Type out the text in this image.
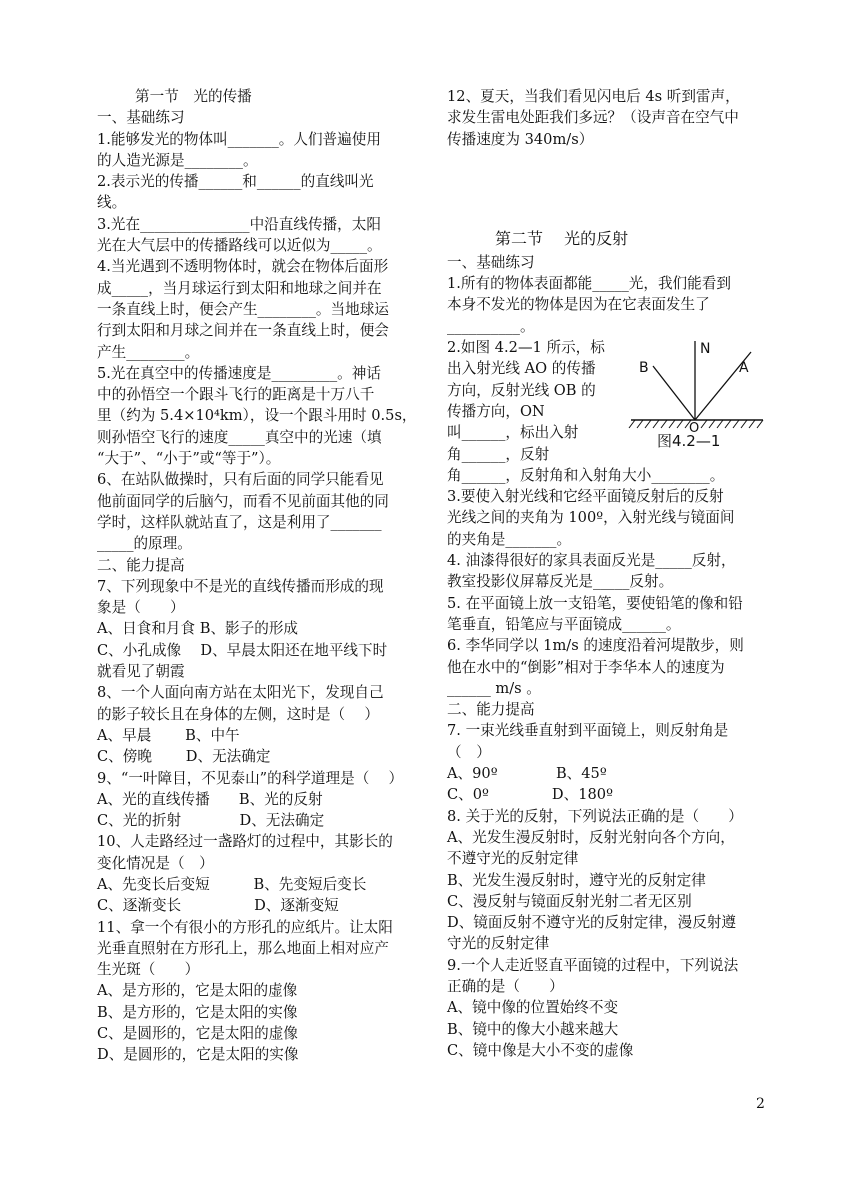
第一节　光的传播
一、基础练习
1.能够发光的物体叫_______。人们普遍使用
的人造光源是________。
2.表示光的传播______和______的直线叫光
线。
3.光在_______________中沿直线传播，太阳
光在大气层中的传播路线可以近似为_____。
4.当光遇到不透明物体时，就会在物体后面形
成_____，当月球运行到太阳和地球之间并在
一条直线上时，便会产生________。当地球运
行到太阳和月球之间并在一条直线上时，便会
产生________。
5.光在真空中的传播速度是_________。神话
中的孙悟空一个跟斗飞行的距离是十万八千
里（约为 5.4×10⁴km），设一个跟斗用时 0.5s，
则孙悟空飞行的速度_____真空中的光速（填
“大于”、“小于”或“等于”）。
6、在站队做操时，只有后面的同学只能看见
他前面同学的后脑勺，而看不见前面其他的同
学时，这样队就站直了，这是利用了_______
_____的原理。
二、能力提高
7、下列现象中不是光的直线传播而形成的现
象是（　　）
A、日食和月食 B、影子的形成
C、小孔成像　 D、早晨太阳还在地平线下时
就看见了朝霞
8、一个人面向南方站在太阳光下，发现自己
的影子较长且在身体的左侧，这时是（　 ）
A、早晨　　 B、中午
C、傍晚　　 D、无法确定
9、“一叶障目，不见泰山”的科学道理是（　 ）
A、光的直线传播　　B、光的反射
C、光的折射　　　　D、无法确定
10、人走路经过一盏路灯的过程中，其影长的
变化情况是（　）
A、先变长后变短　　　B、先变短后变长
C、逐渐变长　　　　　D、逐渐变短
11、拿一个有很小的方形孔的应纸片。让太阳
光垂直照射在方形孔上，那么地面上相对应产
生光斑（　　）
A、是方形的，它是太阳的虚像
B、是方形的，它是太阳的实像
C、是圆形的，它是太阳的虚像
D、是圆形的，它是太阳的实像
12、夏天，当我们看见闪电后 4s 听到雷声，
求发生雷电处距我们多远？（设声音在空气中
传播速度为 340m/s）
第二节　 光的反射
一、基础练习
1.所有的物体表面都能_____光，我们能看到
本身不发光的物体是因为在它表面发生了
__________。
N
B	A
O
图4.2—1
2.如图 4.2—1 所示，标
出入射光线 AO 的传播
方向，反射光线 OB 的
传播方向，ON
叫______，标出入射
角______，反射
角______，反射角和入射角大小________。
3.要使入射光线和它经平面镜反射后的反射
光线之间的夹角为 100º，入射光线与镜面间
的夹角是_______。
4. 油漆得很好的家具表面反光是_____反射，
教室投影仪屏幕反光是_____反射。
5. 在平面镜上放一支铅笔，要使铅笔的像和铅
笔垂直，铅笔应与平面镜成______。
6. 李华同学以 1m/s 的速度沿着河堤散步，则
他在水中的“倒影”相对于李华本人的速度为
______ m/s 。
二、能力提高
7. 一束光线垂直射到平面镜上，则反射角是
（　）
A、90º　　　　B、45º
C、0º　　　　 D、180º
8. 关于光的反射，下列说法正确的是（　　）
A、光发生漫反射时，反射光射向各个方向，
不遵守光的反射定律
B、光发生漫反射时，遵守光的反射定律
C、漫反射与镜面反射光射二者无区别
D、镜面反射不遵守光的反射定律，漫反射遵
守光的反射定律
9.一个人走近竖直平面镜的过程中，下列说法
正确的是（　　）
A、镜中像的位置始终不变
B、镜中的像大小越来越大
C、镜中像是大小不变的虚像
2
